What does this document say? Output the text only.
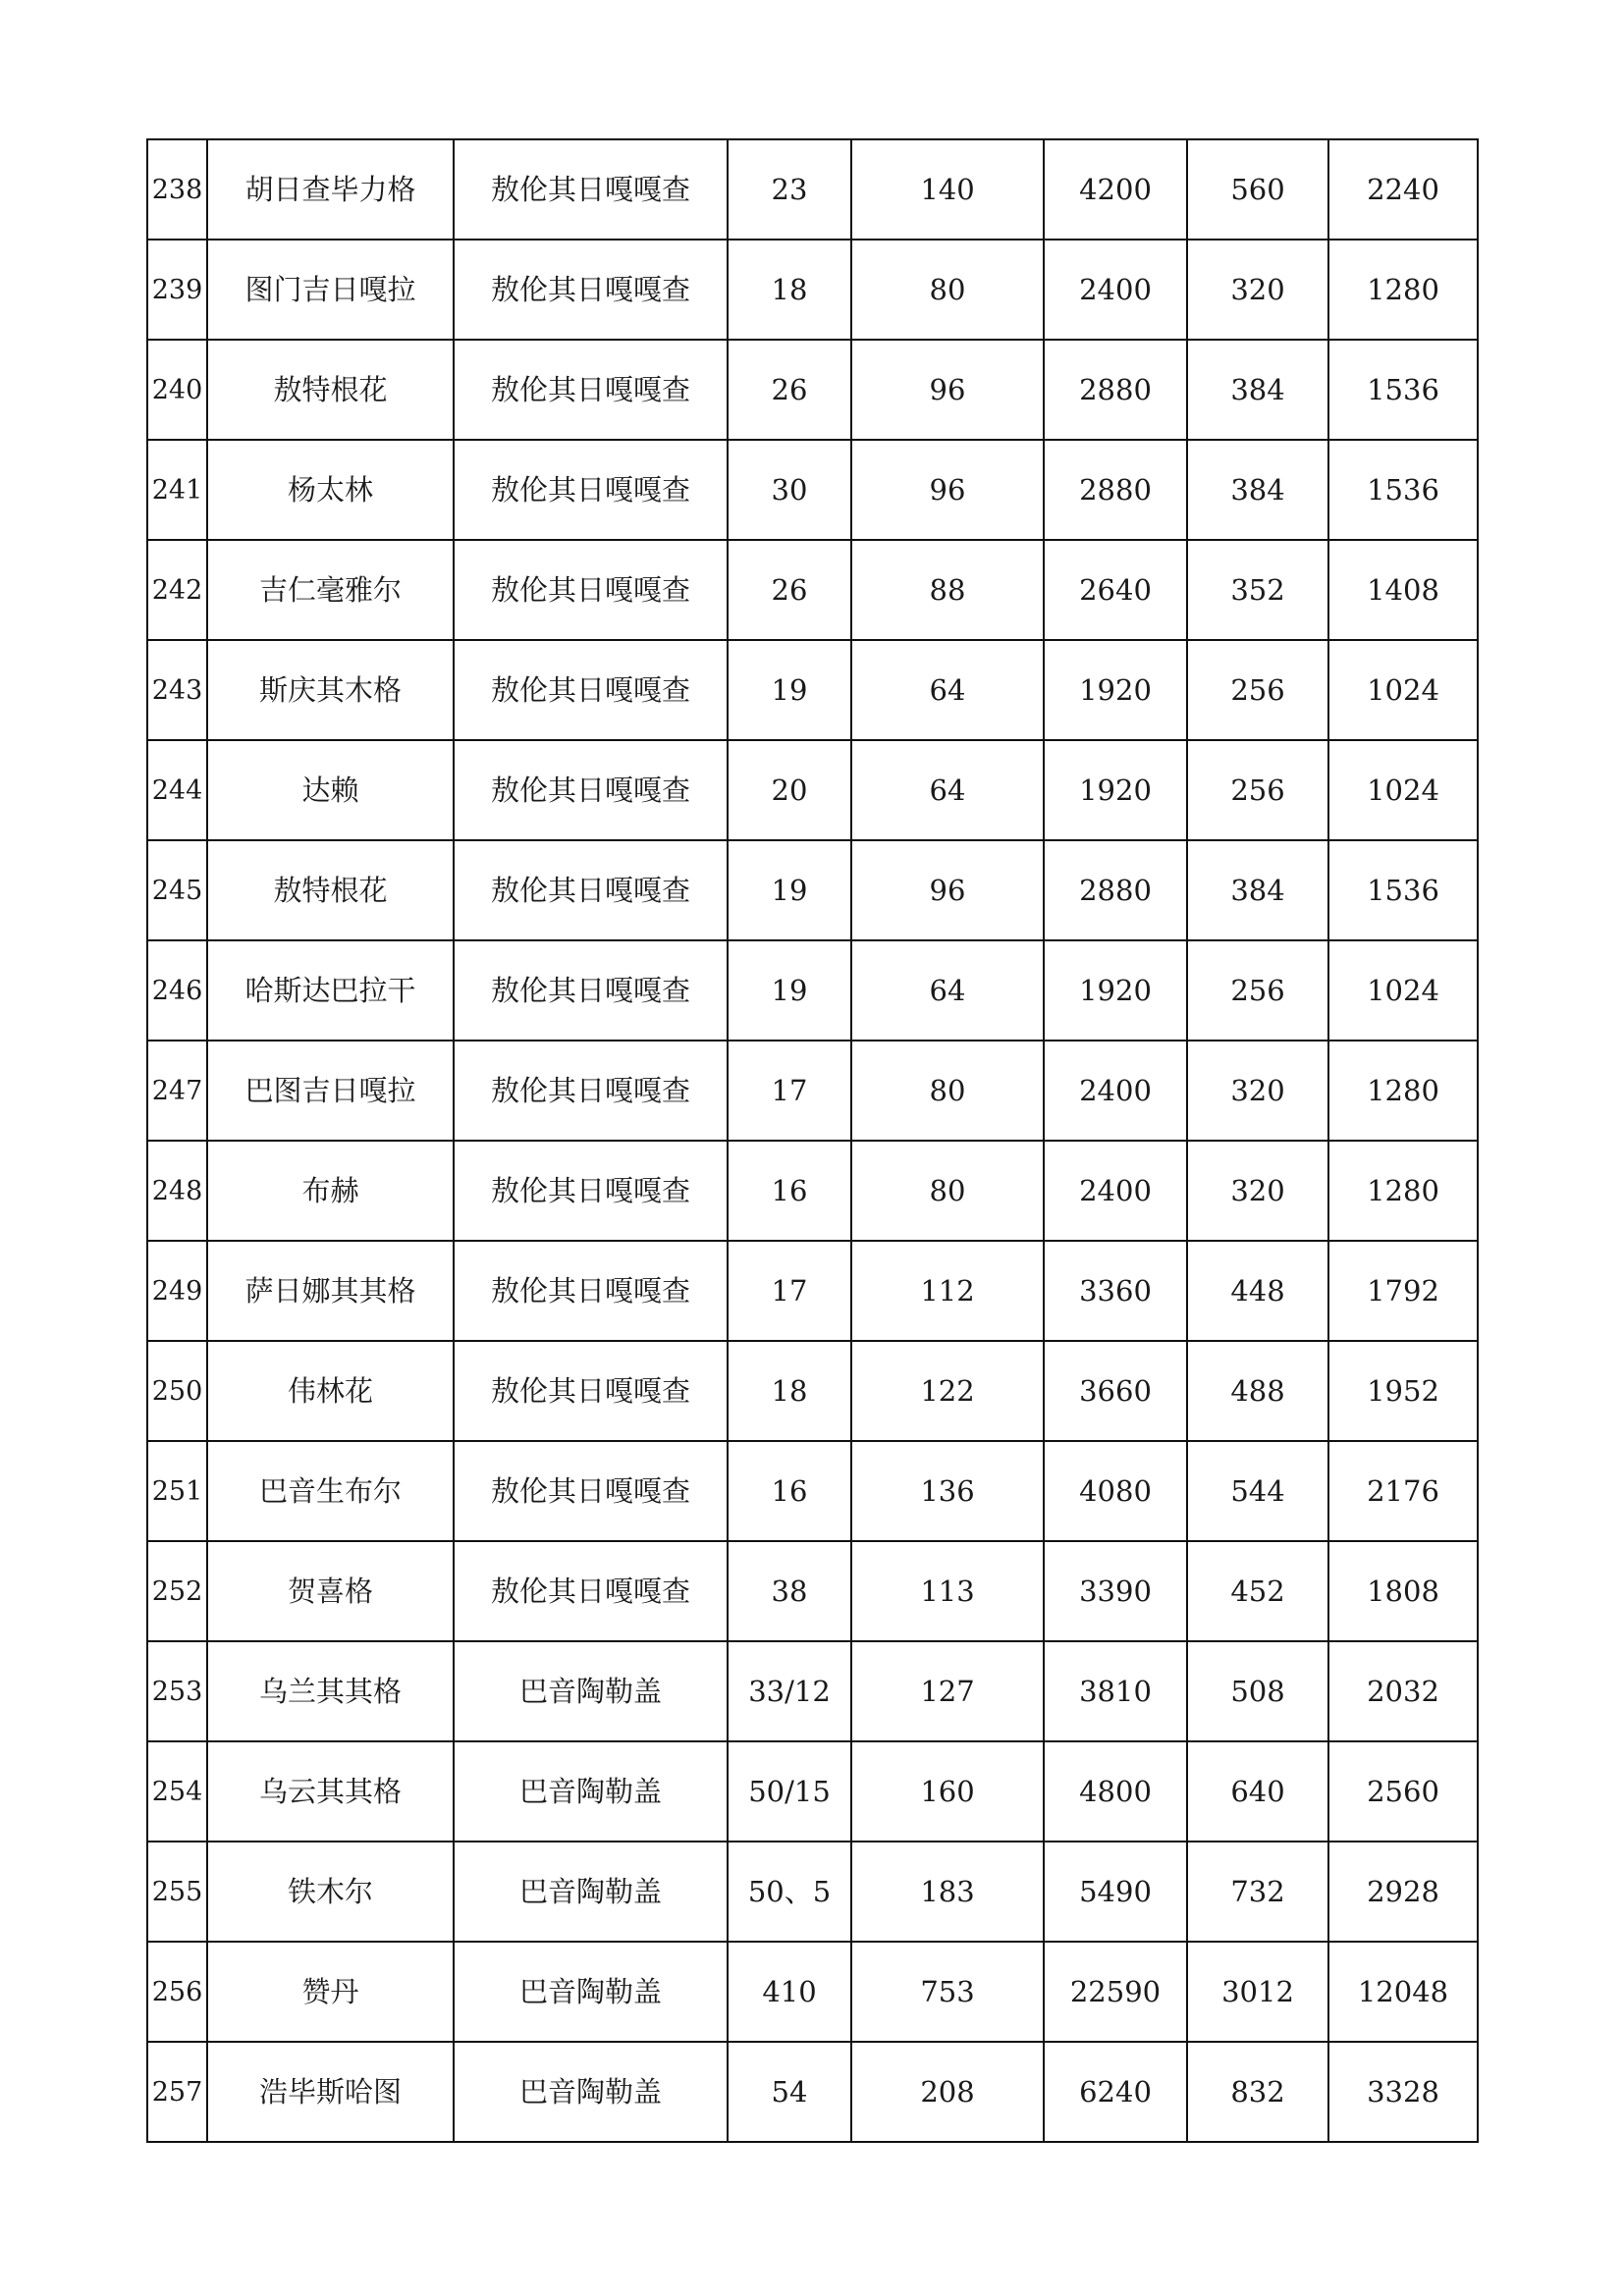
238	胡日查毕力格	敖伦其日嘎嘎查	23	140	4200	560	2240
239	图门吉日嘎拉	敖伦其日嘎嘎查	18	80	2400	320	1280
240	敖特根花	敖伦其日嘎嘎查	26	96	2880	384	1536
241	杨太林	敖伦其日嘎嘎查	30	96	2880	384	1536
242	吉仁毫雅尔	敖伦其日嘎嘎查	26	88	2640	352	1408
243	斯庆其木格	敖伦其日嘎嘎查	19	64	1920	256	1024
244	达赖	敖伦其日嘎嘎查	20	64	1920	256	1024
245	敖特根花	敖伦其日嘎嘎查	19	96	2880	384	1536
246	哈斯达巴拉干	敖伦其日嘎嘎查	19	64	1920	256	1024
247	巴图吉日嘎拉	敖伦其日嘎嘎查	17	80	2400	320	1280
248	布赫	敖伦其日嘎嘎查	16	80	2400	320	1280
249	萨日娜其其格	敖伦其日嘎嘎查	17	112	3360	448	1792
250	伟林花	敖伦其日嘎嘎查	18	122	3660	488	1952
251	巴音生布尔	敖伦其日嘎嘎查	16	136	4080	544	2176
252	贺喜格	敖伦其日嘎嘎查	38	113	3390	452	1808
253	乌兰其其格	巴音陶勒盖	33/12	127	3810	508	2032
254	乌云其其格	巴音陶勒盖	50/15	160	4800	640	2560
255	铁木尔	巴音陶勒盖	50、5	183	5490	732	2928
256	赞丹	巴音陶勒盖	410	753	22590	3012	12048
257	浩毕斯哈图	巴音陶勒盖	54	208	6240	832	3328
